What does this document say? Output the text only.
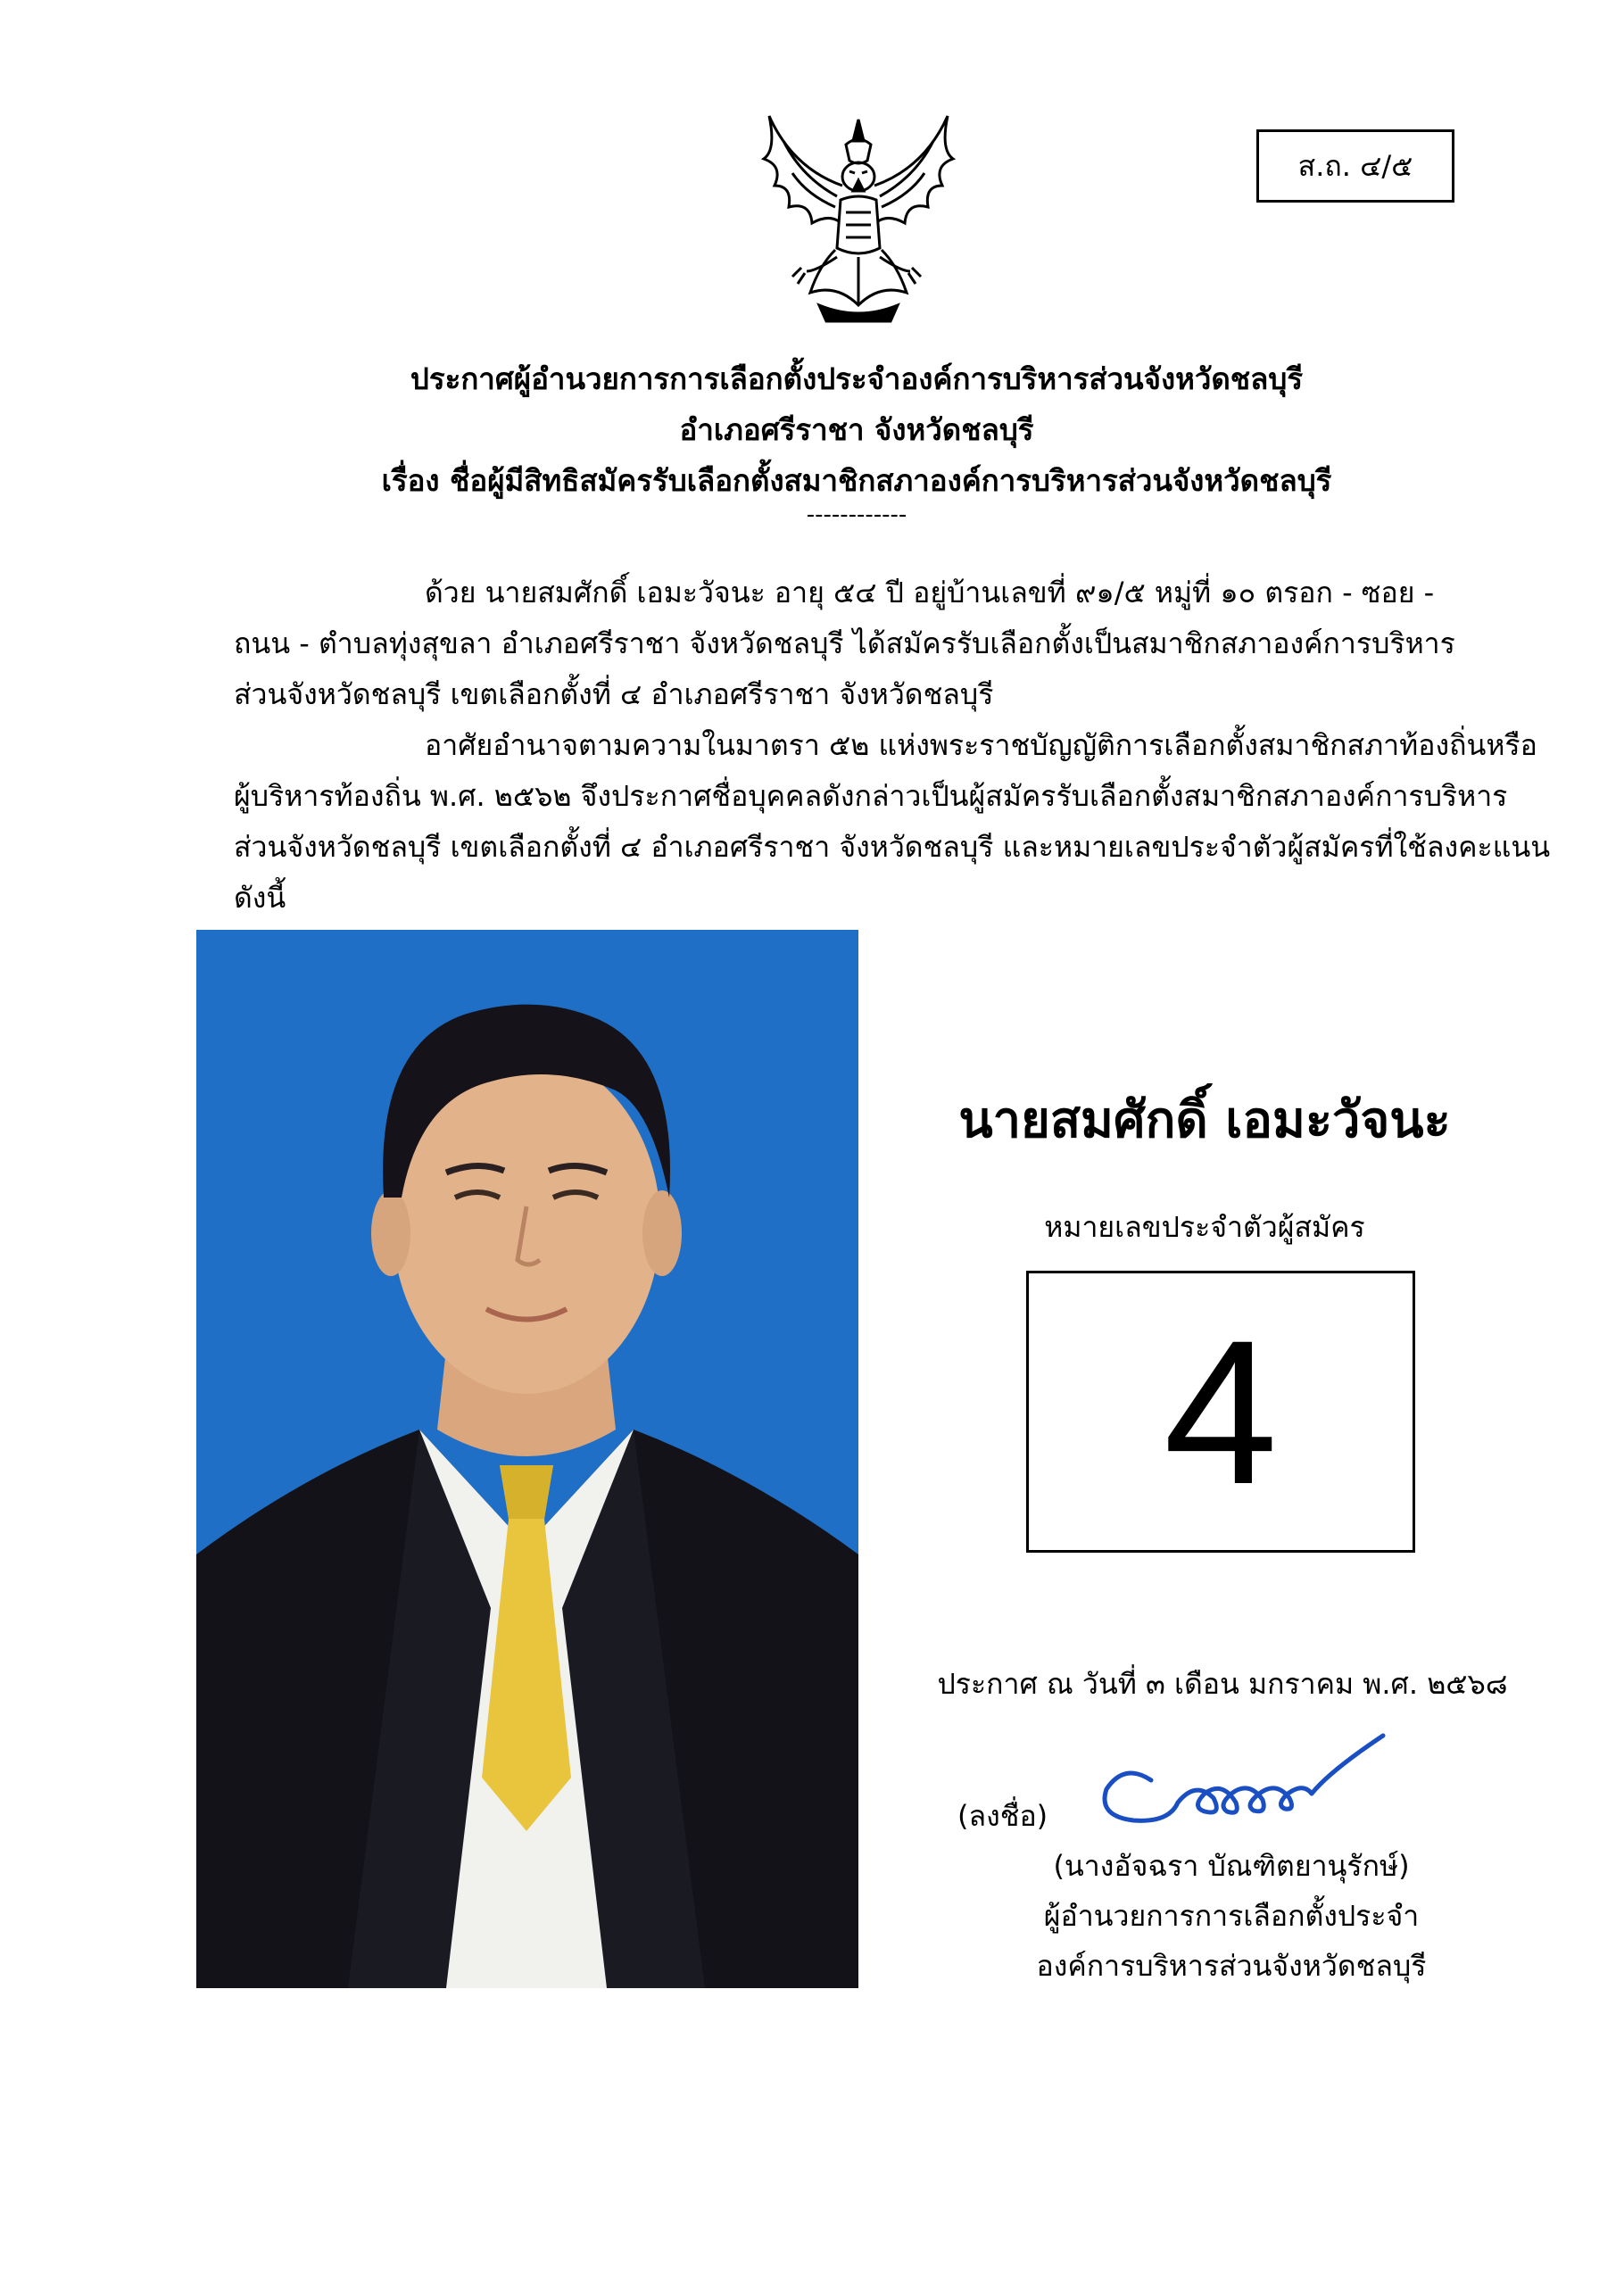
ส.ถ. ๔/๕
ประกาศผู้อำนวยการการเลือกตั้งประจำองค์การบริหารส่วนจังหวัดชลบุรี
อำเภอศรีราชา จังหวัดชลบุรี
เรื่อง ชื่อผู้มีสิทธิสมัครรับเลือกตั้งสมาชิกสภาองค์การบริหารส่วนจังหวัดชลบุรี
------------
ด้วย นายสมศักดิ์ เอมะวัจนะ อายุ ๕๔ ปี อยู่บ้านเลขที่ ๙๑/๕ หมู่ที่ ๑๐ ตรอก - ซอย -
ถนน - ตำบลทุ่งสุขลา อำเภอศรีราชา จังหวัดชลบุรี ได้สมัครรับเลือกตั้งเป็นสมาชิกสภาองค์การบริหาร
ส่วนจังหวัดชลบุรี เขตเลือกตั้งที่ ๔ อำเภอศรีราชา จังหวัดชลบุรี
อาศัยอำนาจตามความในมาตรา ๕๒ แห่งพระราชบัญญัติการเลือกตั้งสมาชิกสภาท้องถิ่นหรือ
ผู้บริหารท้องถิ่น พ.ศ. ๒๕๖๒ จึงประกาศชื่อบุคคลดังกล่าวเป็นผู้สมัครรับเลือกตั้งสมาชิกสภาองค์การบริหาร
ส่วนจังหวัดชลบุรี เขตเลือกตั้งที่ ๔ อำเภอศรีราชา จังหวัดชลบุรี และหมายเลขประจำตัวผู้สมัครที่ใช้ลงคะแนน
ดังนี้
นายสมศักดิ์ เอมะวัจนะ
หมายเลขประจำตัวผู้สมัคร
4
ประกาศ ณ วันที่ ๓ เดือน มกราคม พ.ศ. ๒๕๖๘
(ลงชื่อ)
(นางอัจฉรา บัณฑิตยานุรักษ์)
ผู้อำนวยการการเลือกตั้งประจำ
องค์การบริหารส่วนจังหวัดชลบุรี
